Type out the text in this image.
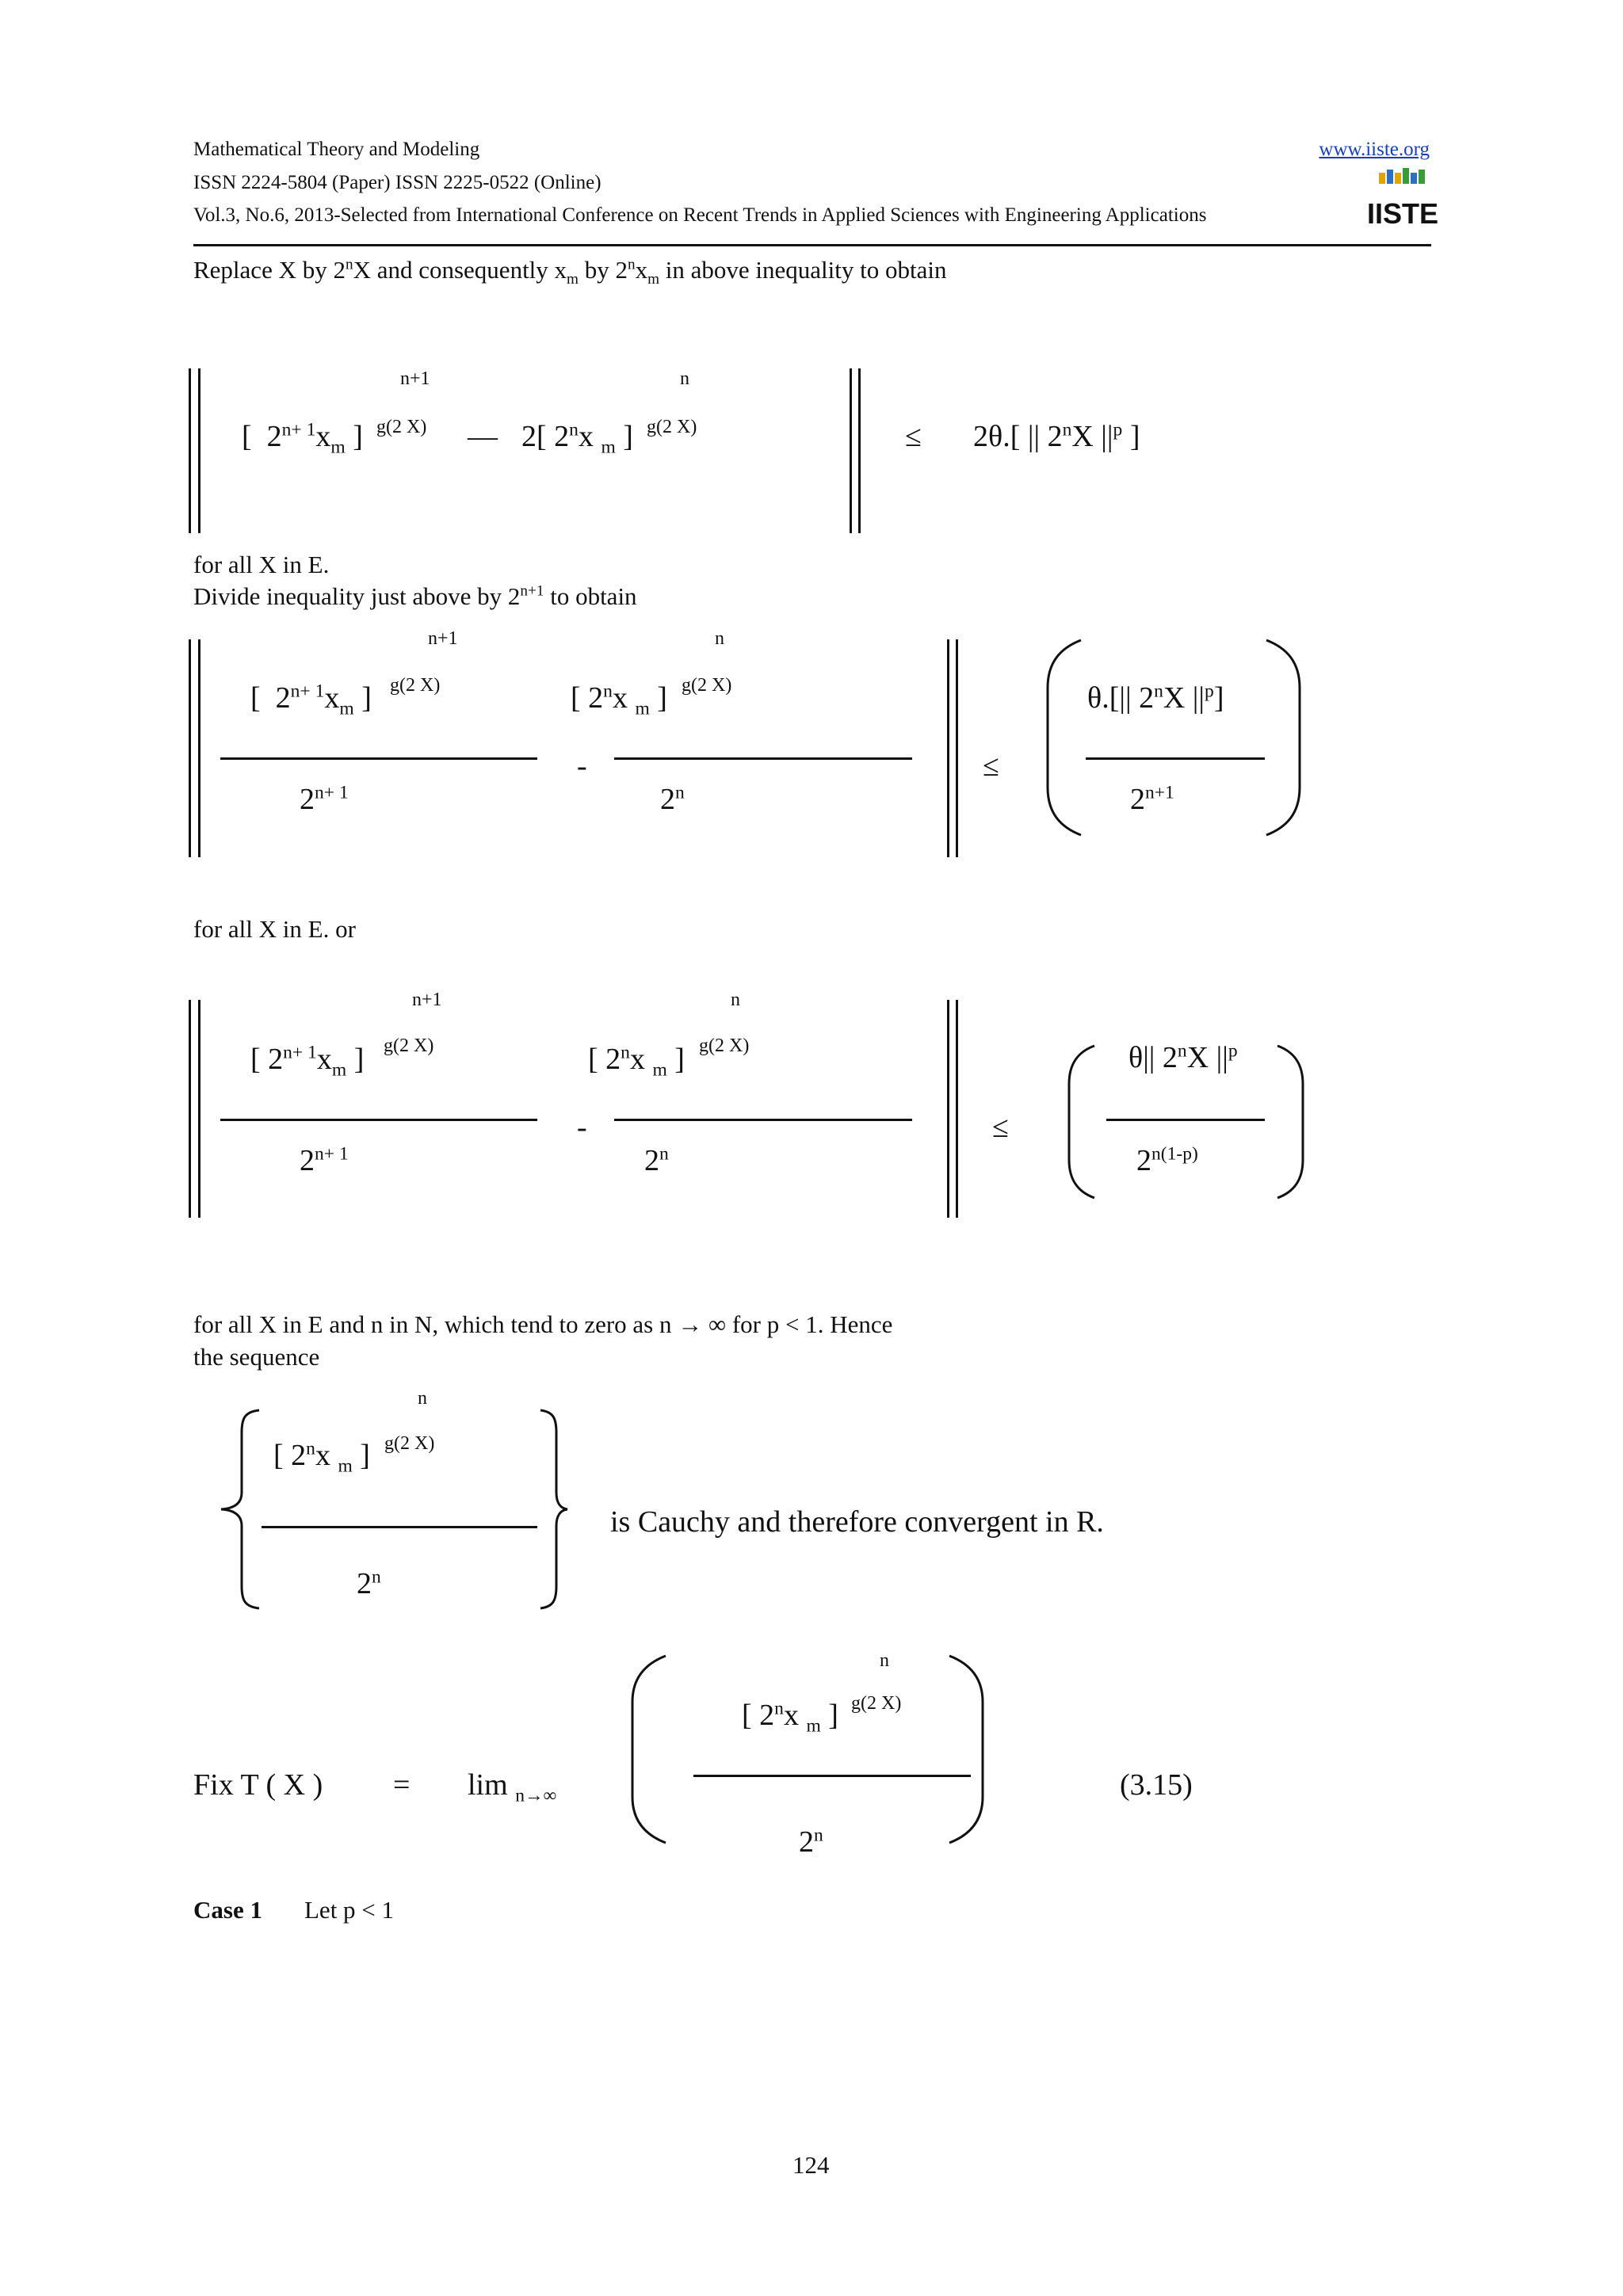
Mathematical Theory and Modeling	www.iiste.org
ISSN 2224-5804 (Paper) ISSN 2225-0522 (Online)
Vol.3, No.6, 2013-Selected from International Conference on Recent Trends in Applied Sciences with Engineering Applications	IISTE
Replace X by 2$^n$X and consequently $x_m$ by $2^nx_m$ in above inequality to obtain
n+1	n
[ $2^{n+ 1}x_m$ ] g(2 X) — 2[ 2$^n$x $_m$ ] g(2 X)	≤ 2θ.[ || 2$^n$X $||^p$ ]
for all X in E.
Divide inequality just above by $2^{n+1}$ to obtain
n+1	n
[ $2^{n+ 1}x_m$ ] g(2 X)	[ 2$^n$x $_m$ ] g(2 X)
-
$2^{n+ 1}$	$2^n$
≤
θ.[|| 2$^n$X $||^p$]
$2^{n+1}$
for all X in E. or
n+1	n
[ $2^{n+ 1}x_m$ ] g(2 X)	[ 2$^n$x $_m$ ] g(2 X)
-
$2^{n+ 1}$	$2^n$
≤
θ|| 2$^n$X $||^p$
$2^{n(1-p)}$
for all X in E and n in N, which tend to zero as n → ∞ for p < 1. Hence
the sequence
n
[ 2$^n$x $_m$ ] g(2 X)
2$^n$
is Cauchy and therefore convergent in R.
Fix T ( X ) = lim $_{n\to\infty}$
n
[ 2$^n$x $_m$ ] g(2 X)
2$^n$
(3.15)
Case 1 Let p < 1
124
